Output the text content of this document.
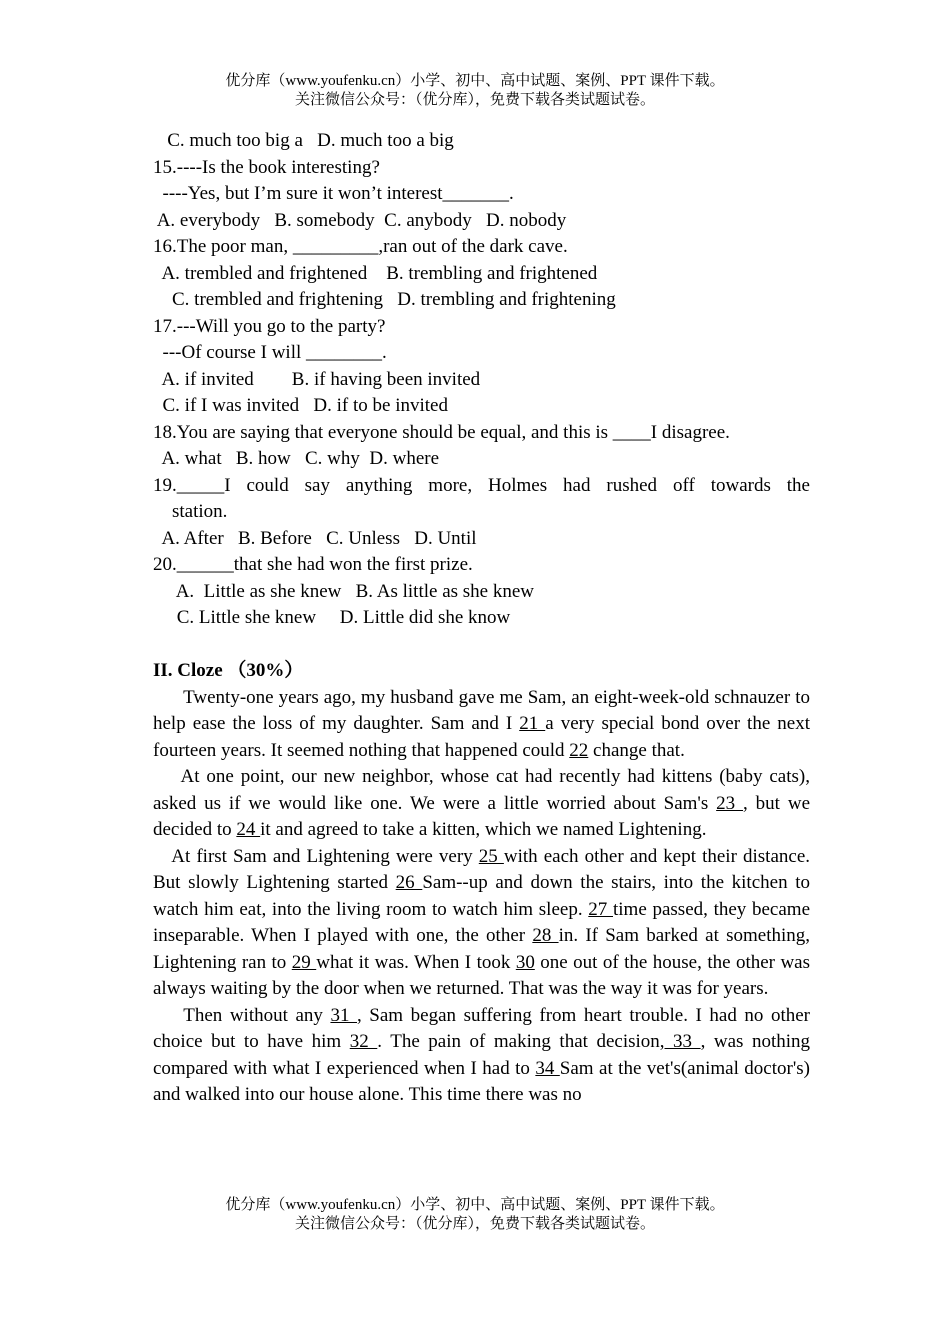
优分库（www.youfenku.cn）小学、初中、高中试题、案例、PPT 课件下载。
关注微信公众号：（优分库），免费下载各类试题试卷。
C. much too big a   D. much too a big
15.----Is the book interesting?
----Yes, but I’m sure it won’t interest_______.
A. everybody   B. somebody  C. anybody   D. nobody
16.The poor man, _________,ran out of the dark cave.
A. trembled and frightened    B. trembling and frightened
C. trembled and frightening   D. trembling and frightening
17.---Will you go to the party?
---Of course I will ________.
A. if invited        B. if having been invited
C. if I was invited   D. if to be invited
18.You are saying that everyone should be equal, and this is ____I disagree.
A. what   B. how   C. why  D. where
19._____I could say anything more, Holmes had rushed off towards the
station.
A. After   B. Before   C. Unless   D. Until
20.______that she had won the first prize.
A.  Little as she knew   B. As little as she knew
C. Little she knew     D. Little did she know
II. Cloze （30%）
Twenty-one years ago, my husband gave me Sam, an eight-week-old schnauzer to help ease the loss of my daughter. Sam and I 21 a very special bond over the next fourteen years. It seemed nothing that happened could 22 change that.
At one point, our new neighbor, whose cat had recently had kittens (baby cats), asked us if we would like one. We were a little worried about Sam's 23 , but we decided to 24 it and agreed to take a kitten, which we named Lightening.
At first Sam and Lightening were very 25 with each other and kept their distance. But slowly Lightening started 26 Sam--up and down the stairs, into the kitchen to watch him eat, into the living room to watch him sleep. 27 time passed, they became inseparable. When I played with one, the other 28 in. If Sam barked at something, Lightening ran to 29 what it was. When I took 30 one out of the house, the other was always waiting by the door when we returned. That was the way it was for years.
Then without any 31 , Sam began suffering from heart trouble. I had no other choice but to have him 32 . The pain of making that decision, 33 , was nothing compared with what I experienced when I had to 34 Sam at the vet's(animal doctor's) and walked into our house alone. This time there was no
优分库（www.youfenku.cn）小学、初中、高中试题、案例、PPT 课件下载。
关注微信公众号：（优分库），免费下载各类试题试卷。
